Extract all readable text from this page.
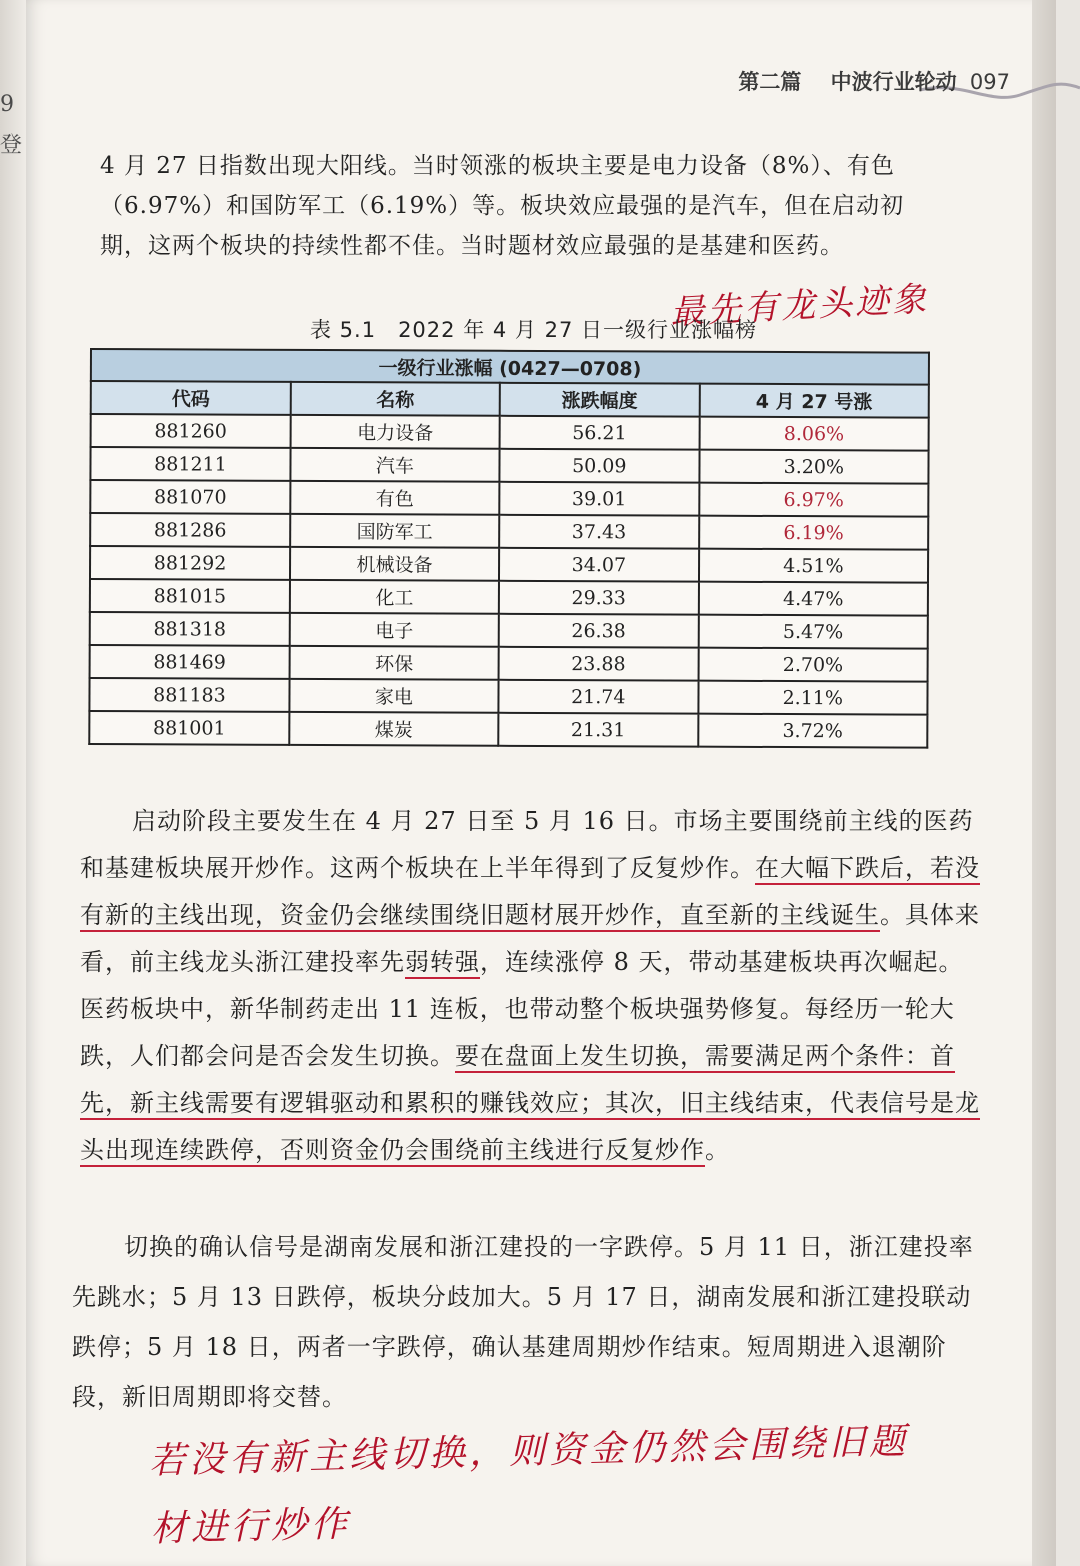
9
登
第二篇 中波行业轮动 097
4 月 27 日指数出现大阳线。当时领涨的板块主要是电力设备（8%）、有色（6.97%）和国防军工（6.19%）等。板块效应最强的是汽车，但在启动初期，这两个板块的持续性都不佳。当时题材效应最强的是基建和医药。
最先有龙头迹象
表 5.1　2022 年 4 月 27 日一级行业涨幅榜
一级行业涨幅 (0427—0708)			
代码	名称	涨跌幅度	4 月 27 号涨
881260	电力设备	56.21	8.06%
881211	汽车	50.09	3.20%
881070	有色	39.01	6.97%
881286	国防军工	37.43	6.19%
881292	机械设备	34.07	4.51%
881015	化工	29.33	4.47%
881318	电子	26.38	5.47%
881469	环保	23.88	2.70%
881183	家电	21.74	2.11%
881001	煤炭	21.31	3.72%
启动阶段主要发生在 4 月 27 日至 5 月 16 日。市场主要围绕前主线的医药和基建板块展开炒作。这两个板块在上半年得到了反复炒作。在大幅下跌后，若没有新的主线出现，资金仍会继续围绕旧题材展开炒作，直至新的主线诞生。具体来看，前主线龙头浙江建投率先弱转强，连续涨停 8 天，带动基建板块再次崛起。医药板块中，新华制药走出 11 连板，也带动整个板块强势修复。每经历一轮大跌，人们都会问是否会发生切换。要在盘面上发生切换，需要满足两个条件：首先，新主线需要有逻辑驱动和累积的赚钱效应；其次，旧主线结束，代表信号是龙头出现连续跌停，否则资金仍会围绕前主线进行反复炒作。
切换的确认信号是湖南发展和浙江建投的一字跌停。5 月 11 日，浙江建投率先跳水；5 月 13 日跌停，板块分歧加大。5 月 17 日，湖南发展和浙江建投联动跌停；5 月 18 日，两者一字跌停，确认基建周期炒作结束。短周期进入退潮阶段，新旧周期即将交替。
若没有新主线切换，则资金仍然会围绕旧题材进行炒作
